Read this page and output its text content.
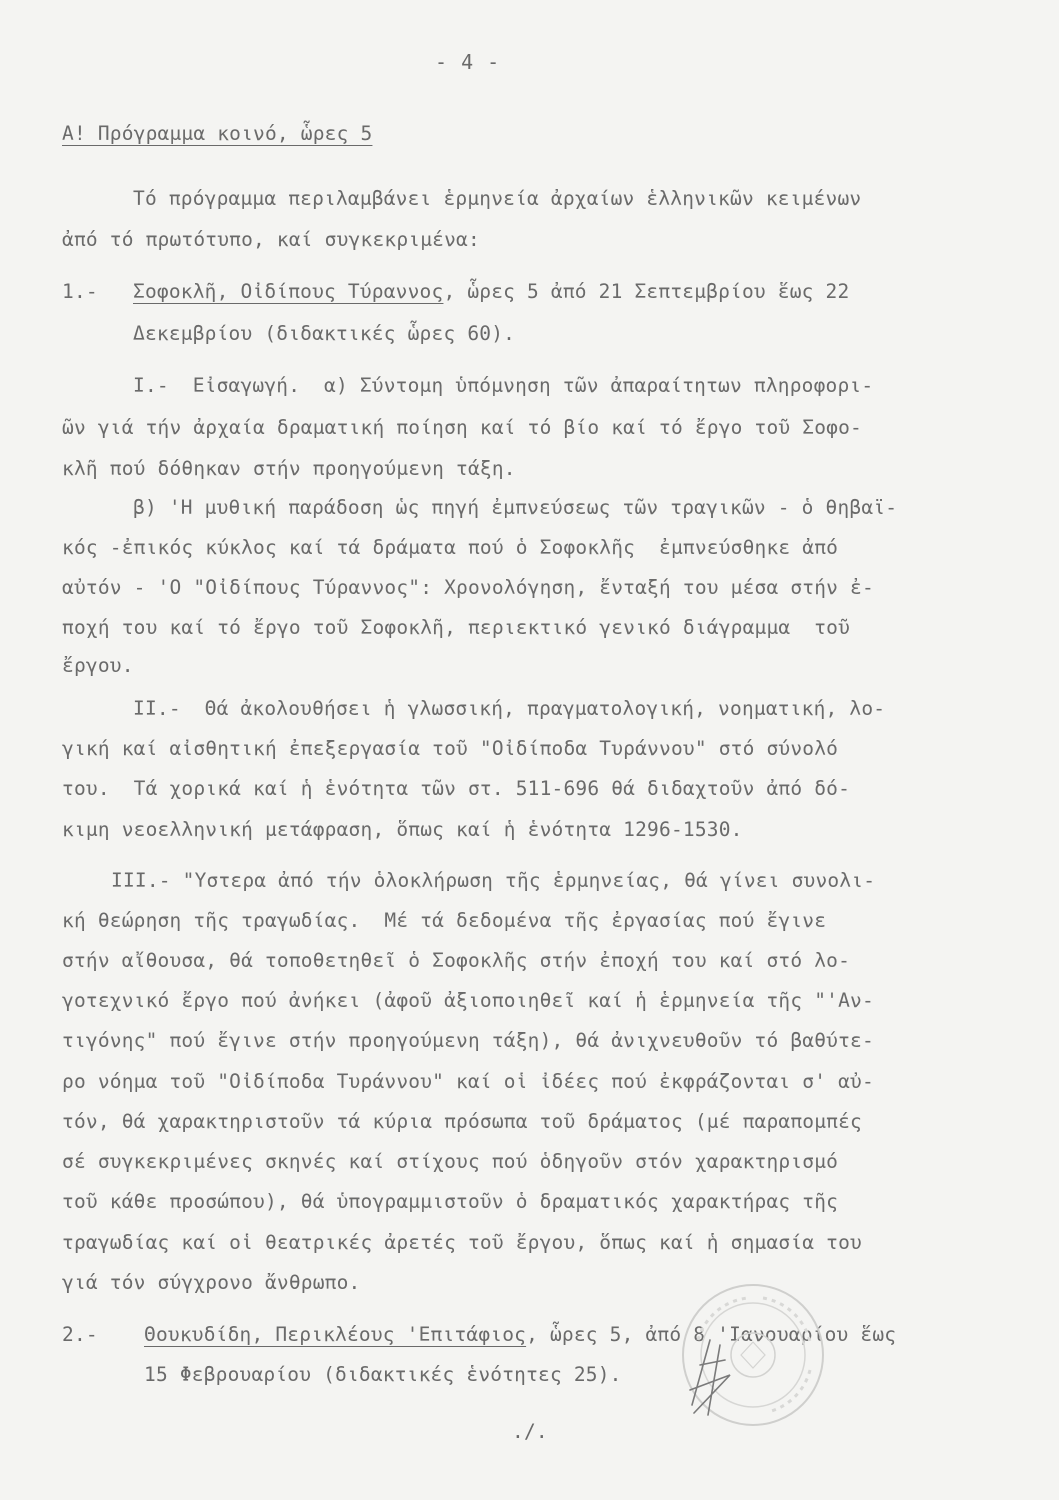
- 4 -
Α! Πρόγραμμα κοινό, ὧρες 5
Τό πρόγραμμα περιλαμβάνει ἑρμηνεία ἀρχαίων ἑλληνικῶν κειμένων
ἀπό τό πρωτότυπο, καί συγκεκριμένα:
1.- Σοφοκλῆ, Οἰδίπους Τύραννος, ὧρες 5 ἀπό 21 Σεπτεμβρίου ἕως 22
Δεκεμβρίου (διδακτικές ὧρες 60).
Ι.-  Εἰσαγωγή.  α) Σύντομη ὑπόμνηση τῶν ἀπαραίτητων πληροφορι-
ῶν γιά τήν ἀρχαία δραματική ποίηση καί τό βίο καί τό ἔργο τοῦ Σοφο-
κλῆ πού δόθηκαν στήν προηγούμενη τάξη.
β) 'Η μυθική παράδοση ὡς πηγή ἐμπνεύσεως τῶν τραγικῶν - ὁ θηβαϊ-
κός -ἐπικός κύκλος καί τά δράματα πού ὁ Σοφοκλῆς  ἐμπνεύσθηκε ἀπό
αὐτόν - 'Ο "Οἰδίπους Τύραννος": Χρονολόγηση, ἔνταξή του μέσα στήν ἐ-
ποχή του καί τό ἔργο τοῦ Σοφοκλῆ, περιεκτικό γενικό διάγραμμα  τοῦ
ἔργου.
ΙΙ.-  Θά ἀκολουθήσει ἡ γλωσσική, πραγματολογική, νοηματική, λο-
γική καί αἰσθητική ἐπεξεργασία τοῦ "Οἰδίποδα Τυράννου" στό σύνολό
του.  Τά χορικά καί ἡ ἑνότητα τῶν στ. 511-696 θά διδαχτοῦν ἀπό δό-
κιμη νεοελληνική μετάφραση, ὅπως καί ἡ ἑνότητα 1296-1530.
ΙΙΙ.- "Υστερα ἀπό τήν ὁλοκλήρωση τῆς ἑρμηνείας, θά γίνει συνολι-
κή θεώρηση τῆς τραγωδίας.  Μέ τά δεδομένα τῆς ἐργασίας πού ἔγινε
στήν αἴθουσα, θά τοποθετηθεῖ ὁ Σοφοκλῆς στήν ἐποχή του καί στό λο-
γοτεχνικό ἔργο πού ἀνήκει (ἀφοῦ ἀξιοποιηθεῖ καί ἡ ἑρμηνεία τῆς "'Αν-
τιγόνης" πού ἔγινε στήν προηγούμενη τάξη), θά ἀνιχνευθοῦν τό βαθύτε-
ρο νόημα τοῦ "Οἰδίποδα Τυράννου" καί οἱ ἰδέες πού ἐκφράζονται σ' αὐ-
τόν, θά χαρακτηριστοῦν τά κύρια πρόσωπα τοῦ δράματος (μέ παραπομπές
σέ συγκεκριμένες σκηνές καί στίχους πού ὁδηγοῦν στόν χαρακτηρισμό
τοῦ κάθε προσώπου), θά ὑπογραμμιστοῦν ὁ δραματικός χαρακτήρας τῆς
τραγωδίας καί οἱ θεατρικές ἀρετές τοῦ ἔργου, ὅπως καί ἡ σημασία του
γιά τόν σύγχρονο ἄνθρωπο.
2.- Θουκυδίδη, Περικλέους 'Επιτάφιος, ὧρες 5, ἀπό 8 'Ιανουαρίου ἕως
15 Φεβρουαρίου (διδακτικές ἑνότητες 25).
./.
